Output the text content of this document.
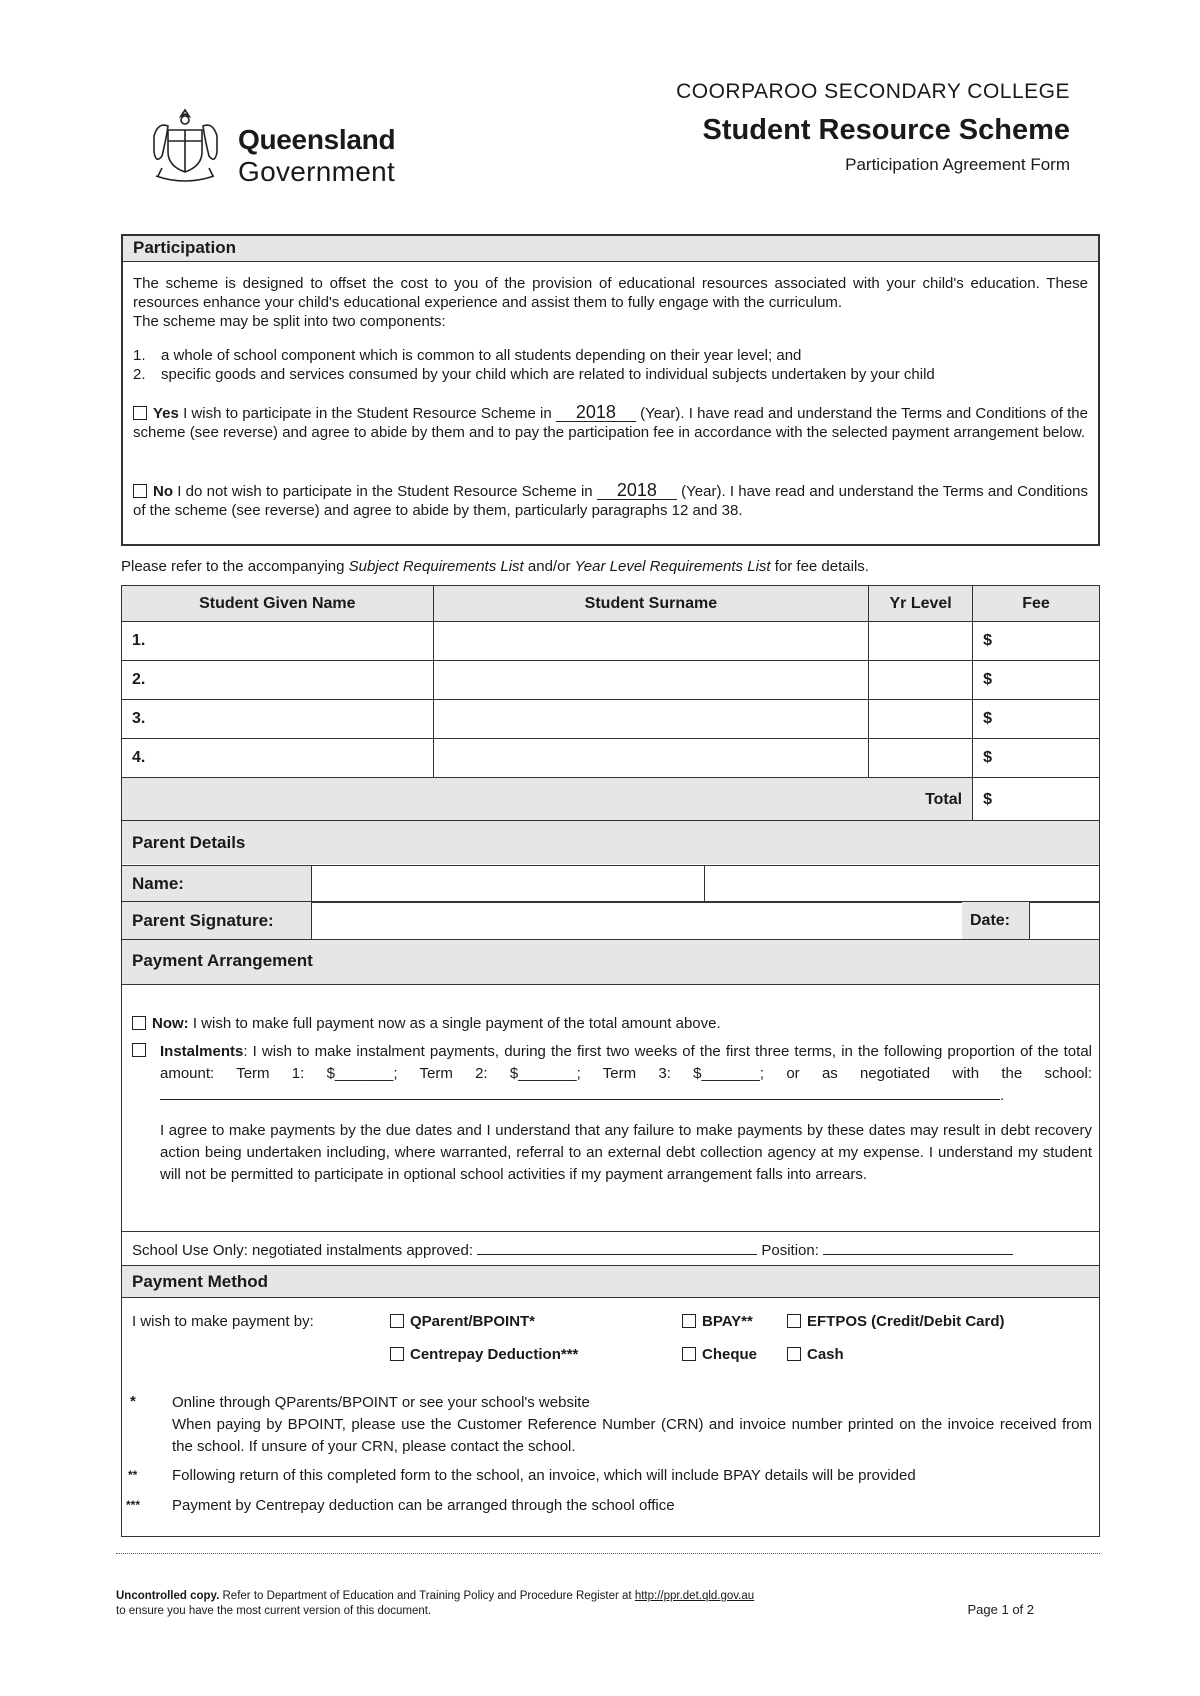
Queensland
Government
COORPAROO SECONDARY COLLEGE
Student Resource Scheme
Participation Agreement Form
Participation
The scheme is designed to offset the cost to you of the provision of educational resources associated with your child's education. These resources enhance your child's educational experience and assist them to fully engage with the curriculum.
The scheme may be split into two components:
1. a whole of school component which is common to all students depending on their year level; and
2. specific goods and services consumed by your child which are related to individual subjects undertaken by your child
Yes I wish to participate in the Student Resource Scheme in 2018 (Year). I have read and understand the Terms and Conditions of the scheme (see reverse) and agree to abide by them and to pay the participation fee in accordance with the selected payment arrangement below.
No I do not wish to participate in the Student Resource Scheme in 2018 (Year). I have read and understand the Terms and Conditions of the scheme (see reverse) and agree to abide by them, particularly paragraphs 12 and 38.
Please refer to the accompanying Subject Requirements List and/or Year Level Requirements List for fee details.
Student Given Name	Student Surname	Yr Level	Fee
1.			$
2.			$
3.			$
4.			$
Total			$
Parent Details
Name:
Parent Signature:	Date:
Payment Arrangement
Now: I wish to make full payment now as a single payment of the total amount above.
Instalments: I wish to make instalment payments, during the first two weeks of the first three terms, in the following proportion of the total amount: Term 1: $_______; Term 2: $_______; Term 3: $_______; or as negotiated with the school: .
I agree to make payments by the due dates and I understand that any failure to make payments by these dates may result in debt recovery action being undertaken including, where warranted, referral to an external debt collection agency at my expense. I understand my student will not be permitted to participate in optional school activities if my payment arrangement falls into arrears.
School Use Only: negotiated instalments approved:	Position:
Payment Method
I wish to make payment by:	QParent/BPOINT*	BPAY**	EFTPOS (Credit/Debit Card)
Centrepay Deduction***	Cheque	Cash
* Online through QParents/BPOINT or see your school's website
When paying by BPOINT, please use the Customer Reference Number (CRN) and invoice number printed on the invoice received from the school. If unsure of your CRN, please contact the school.
** Following return of this completed form to the school, an invoice, which will include BPAY details will be provided
*** Payment by Centrepay deduction can be arranged through the school office
Uncontrolled copy. Refer to Department of Education and Training Policy and Procedure Register at http://ppr.det.qld.gov.au
to ensure you have the most current version of this document.	Page 1 of 2
